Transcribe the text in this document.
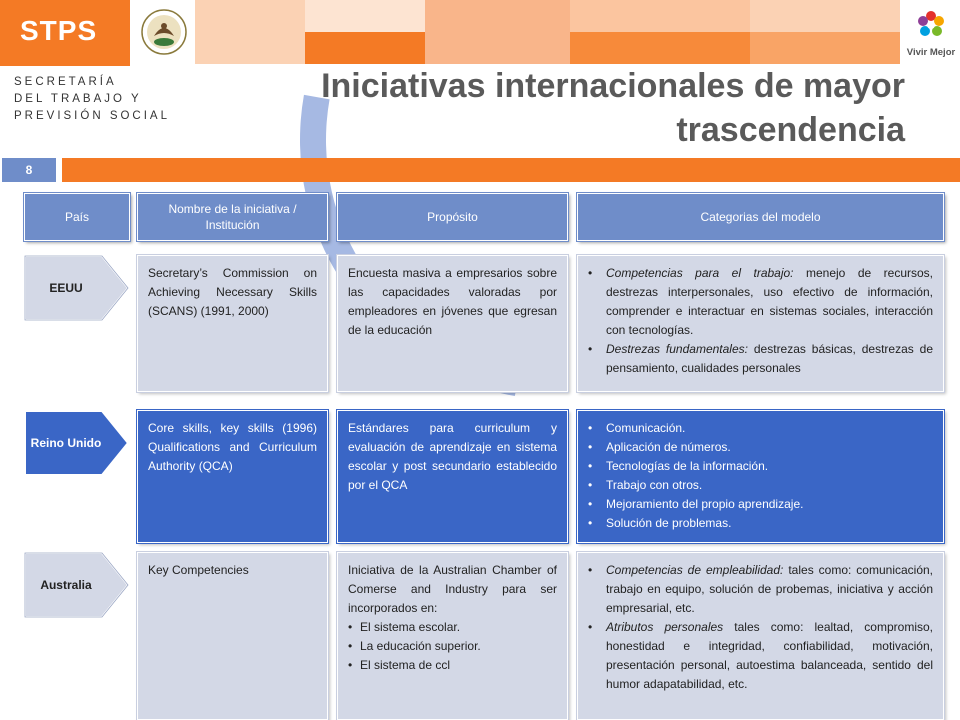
STPS
SECRETARÍA
DEL TRABAJO Y
PREVISIÓN SOCIAL
Vivir Mejor
Iniciativas internacionales de mayor trascendencia
8
País
Nombre de la iniciativa / Institución
Propósito	Categorias del modelo
EEUU
Secretary’s Commission on Achieving Necessary Skills (SCANS) (1991, 2000)
Encuesta masiva a empresarios sobre las capacidades valoradas por empleadores en jóvenes que egresan de la educación
• Competencias para el trabajo: menejo de recursos, destrezas interpersonales, uso efectivo de información, comprender e interactuar en sistemas sociales, interacción con tecnologías.
• Destrezas fundamentales: destrezas básicas, destrezas de pensamiento, cualidades personales
Reino Unido
Core skills, key skills (1996) Qualifications and Curriculum Authority (QCA)
Estándares para curriculum y evaluación de aprendizaje en sistema escolar y post secundario establecido por el QCA
• Comunicación.
• Aplicación de números.
• Tecnologías de la información.
• Trabajo con otros.
• Mejoramiento del propio aprendizaje.
• Solución de problemas.
Australia
Key Competencies	Iniciativa de la Australian Chamber of Comerse and Industry para ser incorporados en:
• El sistema escolar.
• La educación superior.
• El sistema de ccl
• Competencias de empleabilidad: tales como: comunicación, trabajo en equipo, solución de probemas, iniciativa y acción empresarial, etc.
• Atributos personales tales como: lealtad, compromiso, honestidad e integridad, confiabilidad, motivación, presentación personal, autoestima balanceada, sentido del humor adapatabilidad, etc.
